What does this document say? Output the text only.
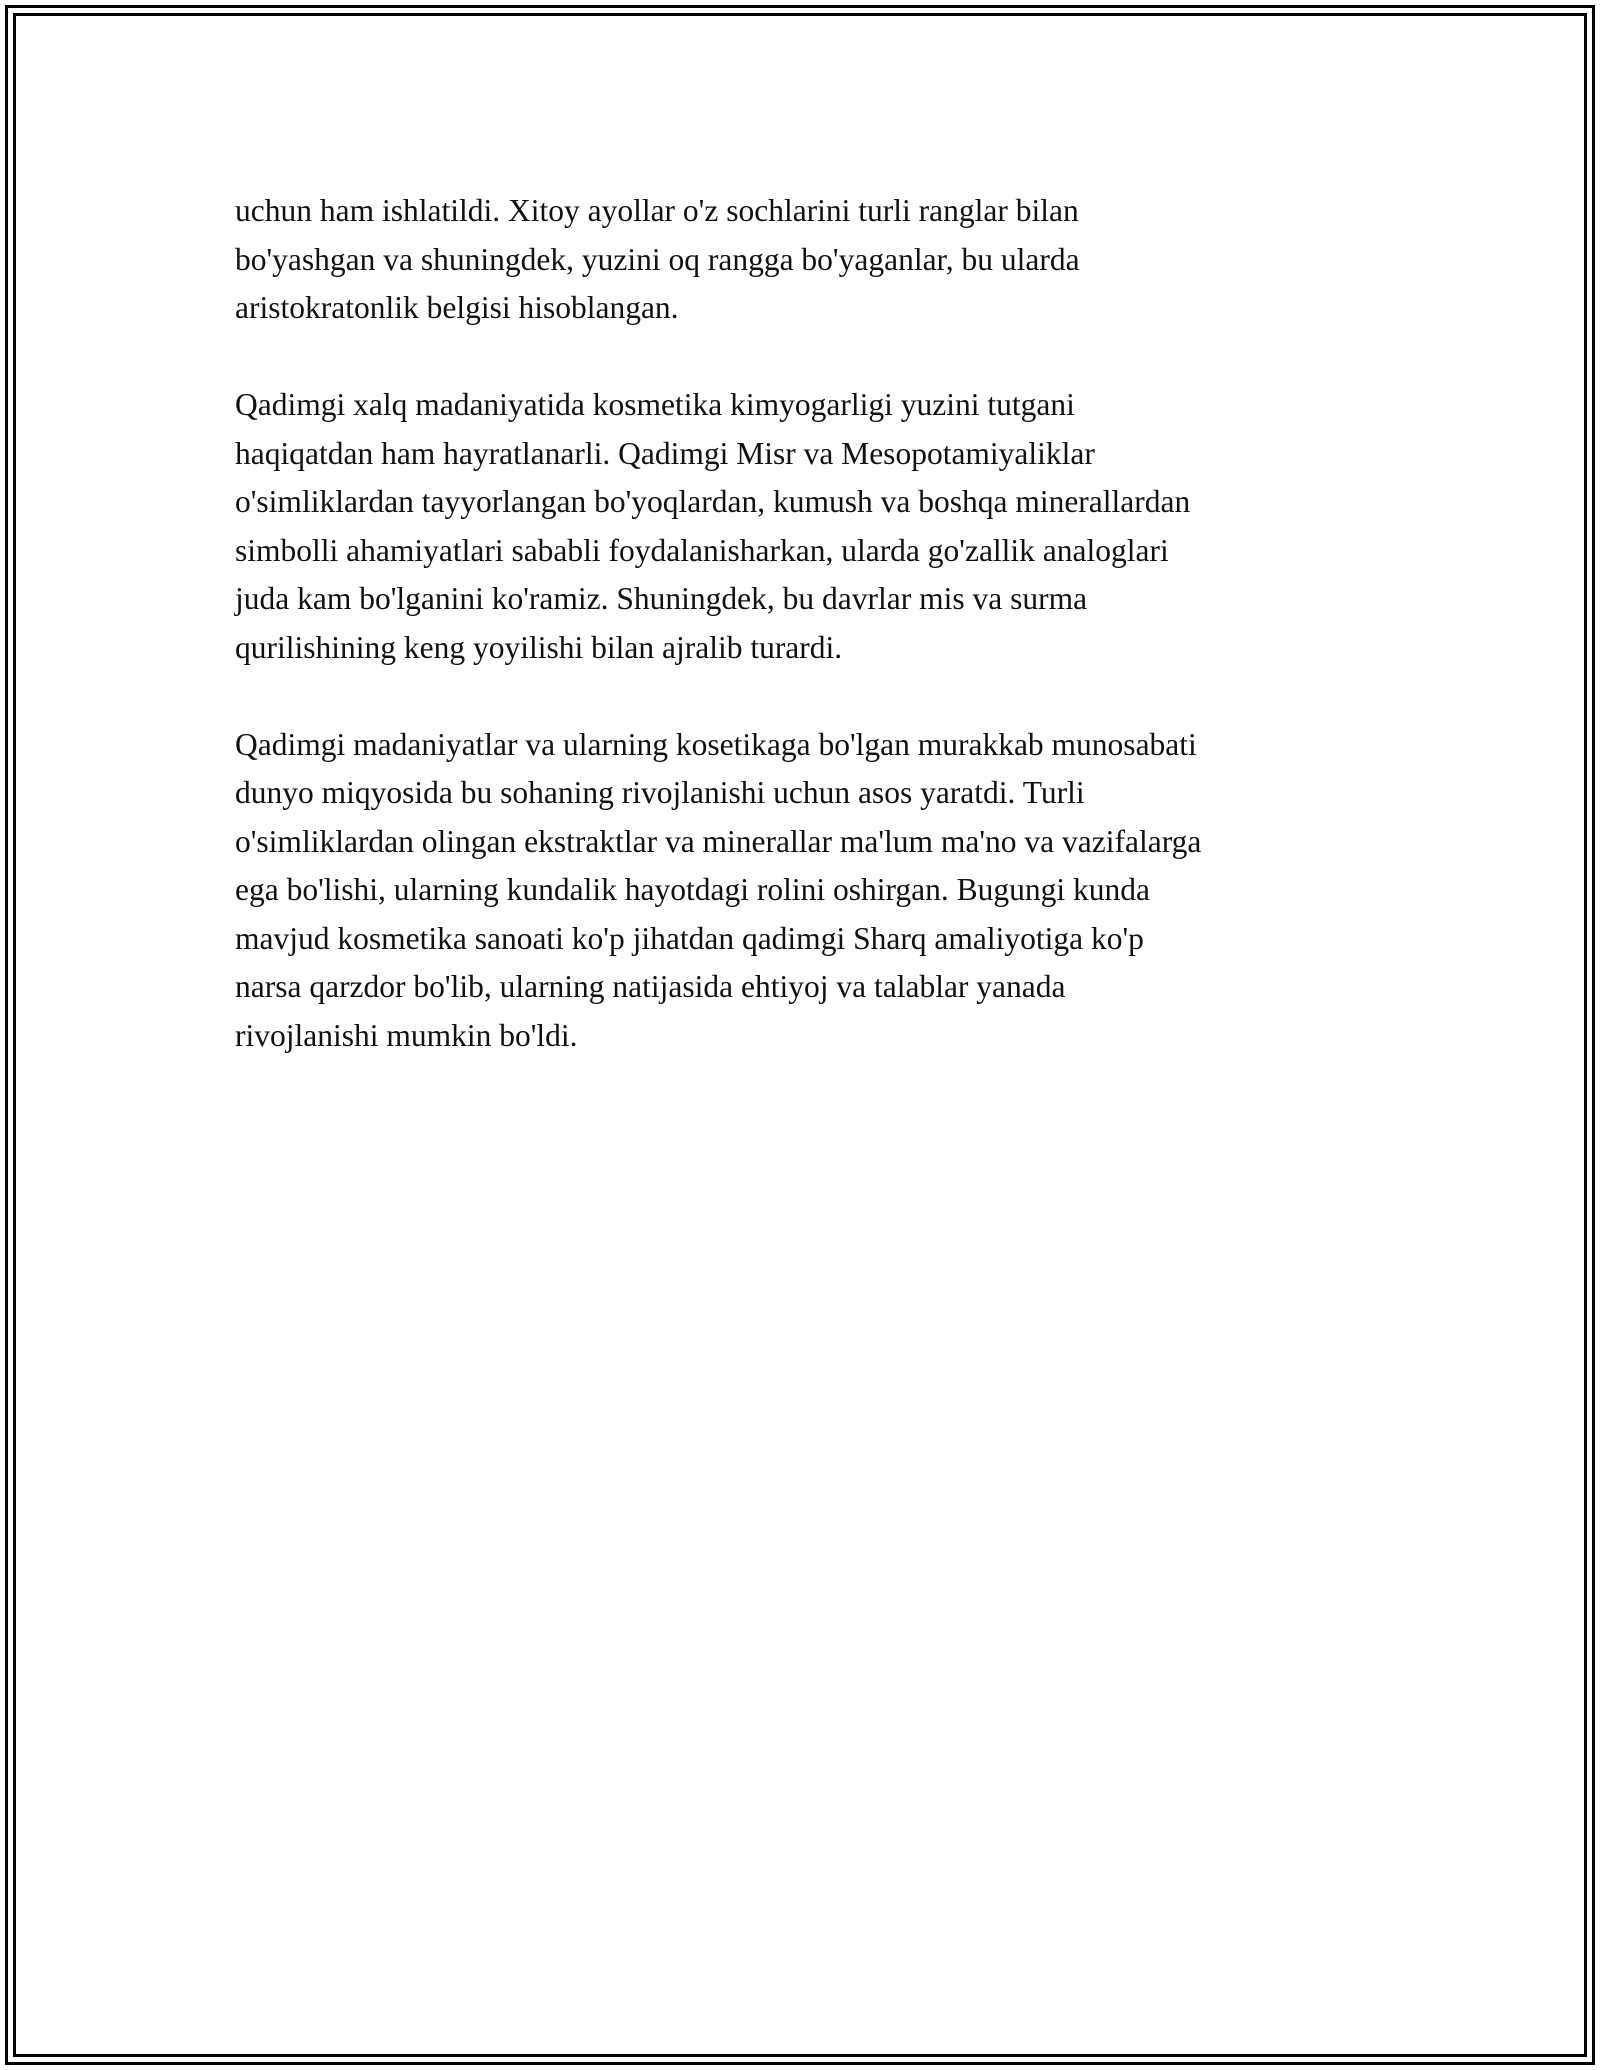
uchun ham ishlatildi. Xitoy ayollar o'z sochlarini turli ranglar bilan
bo'yashgan va shuningdek, yuzini oq rangga bo'yaganlar, bu ularda
aristokratonlik belgisi hisoblangan.

Qadimgi xalq madaniyatida kosmetika kimyogarligi yuzini tutgani
haqiqatdan ham hayratlanarli. Qadimgi Misr va Mesopotamiyaliklar
o'simliklardan tayyorlangan bo'yoqlardan, kumush va boshqa minerallardan
simbolli ahamiyatlari sababli foydalanisharkan, ularda go'zallik analoglari
juda kam bo'lganini ko'ramiz. Shuningdek, bu davrlar mis va surma
qurilishining keng yoyilishi bilan ajralib turardi.

Qadimgi madaniyatlar va ularning kosetikaga bo'lgan murakkab munosabati
dunyo miqyosida bu sohaning rivojlanishi uchun asos yaratdi. Turli
o'simliklardan olingan ekstraktlar va minerallar ma'lum ma'no va vazifalarga
ega bo'lishi, ularning kundalik hayotdagi rolini oshirgan. Bugungi kunda
mavjud kosmetika sanoati ko'p jihatdan qadimgi Sharq amaliyotiga ko'p
narsa qarzdor bo'lib, ularning natijasida ehtiyoj va talablar yanada
rivojlanishi mumkin bo'ldi.
